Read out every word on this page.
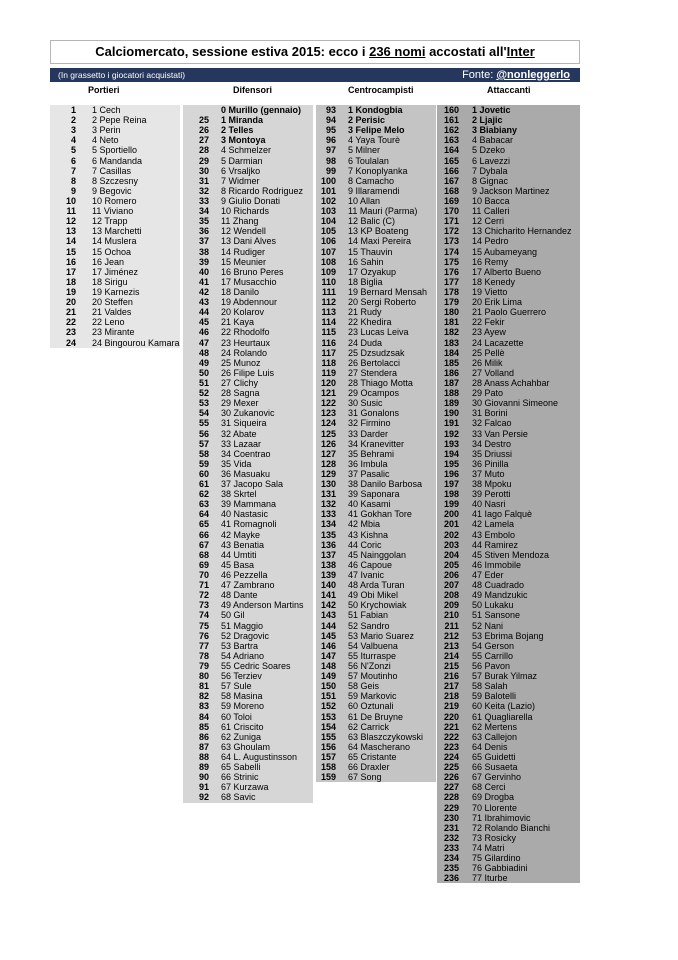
Calciomercato, sessione estiva 2015: ecco i 236 nomi accostati all'Inter
(In grassetto i giocatori acquistati)	Fonte: @nonleggerlo
Portieri	Difensori	Centrocampisti	Attaccanti
1 1 Cech
2 2 Pepe Reina
3 3 Perin
4 4 Neto
5 5 Sportiello
6 6 Mandanda
7 7 Casillas
8 8 Szczesny
9 9 Begovic
10 10 Romero
11 11 Viviano
12 12 Trapp
13 13 Marchetti
14 14 Muslera
15 15 Ochoa
16 16 Jean
17 17 Jiménez
18 18 Sirigu
19 19 Karnezis
20 20 Steffen
21 21 Valdes
22 22 Leno
23 23 Mirante
24 24 Bingourou Kamara
0 Murillo (gennaio)
25 1 Miranda
26 2 Telles
27 3 Montoya
28 4 Schmelzer
29 5 Darmian
30 6 Vrsaljko
31 7 Widmer
32 8 Ricardo Rodriguez
33 9 Giulio Donati
34 10 Richards
35 11 Zhang
36 12 Wendell
37 13 Dani Alves
38 14 Rudiger
39 15 Meunier
40 16 Bruno Peres
41 17 Musacchio
42 18 Danilo
43 19 Abdennour
44 20 Kolarov
45 21 Kaya
46 22 Rhodolfo
47 23 Heurtaux
48 24 Rolando
49 25 Munoz
50 26 Filipe Luis
51 27 Clichy
52 28 Sagna
53 29 Mexer
54 30 Zukanovic
55 31 Siqueira
56 32 Abate
57 33 Lazaar
58 34 Coentrao
59 35 Vida
60 36 Masuaku
61 37 Jacopo Sala
62 38 Skrtel
63 39 Mammana
64 40 Nastasic
65 41 Romagnoli
66 42 Mayke
67 43 Benatia
68 44 Umtiti
69 45 Basa
70 46 Pezzella
71 47 Zambrano
72 48 Dante
73 49 Anderson Martins
74 50 Gil
75 51 Maggio
76 52 Dragovic
77 53 Bartra
78 54 Adriano
79 55 Cedric Soares
80 56 Terziev
81 57 Sule
82 58 Masina
83 59 Moreno
84 60 Toloi
85 61 Criscito
86 62 Zuniga
87 63 Ghoulam
88 64 L. Augustinsson
89 65 Sabelli
90 66 Strinic
91 67 Kurzawa
92 68 Savic
93 1 Kondogbia
94 2 Perisic
95 3 Felipe Melo
96 4 Yaya Tourè
97 5 Milner
98 6 Toulalan
99 7 Konoplyanka
100 8 Camacho
101 9 Illaramendi
102 10 Allan
103 11 Mauri (Parma)
104 12 Balic (C)
105 13 KP Boateng
106 14 Maxi Pereira
107 15 Thauvin
108 16 Sahin
109 17 Ozyakup
110 18 Biglia
111 19 Bernard Mensah
112 20 Sergi Roberto
113 21 Rudy
114 22 Khedira
115 23 Lucas Leiva
116 24 Duda
117 25 Dzsudzsak
118 26 Bertolacci
119 27 Stendera
120 28 Thiago Motta
121 29 Ocampos
122 30 Susic
123 31 Gonalons
124 32 Firmino
125 33 Darder
126 34 Kranevitter
127 35 Behrami
128 36 Imbula
129 37 Pasalic
130 38 Danilo Barbosa
131 39 Saponara
132 40 Kasami
133 41 Gokhan Tore
134 42 Mbia
135 43 Kishna
136 44 Coric
137 45 Nainggolan
138 46 Capoue
139 47 Ivanic
140 48 Arda Turan
141 49 Obi Mikel
142 50 Krychowiak
143 51 Fabian
144 52 Sandro
145 53 Mario Suarez
146 54 Valbuena
147 55 Iturraspe
148 56 N'Zonzi
149 57 Moutinho
150 58 Geis
151 59 Markovic
152 60 Oztunali
153 61 De Bruyne
154 62 Carrick
155 63 Blaszczykowski
156 64 Mascherano
157 65 Cristante
158 66 Draxler
159 67 Song
160 1 Jovetic
161 2 Ljajic
162 3 Biabiany
163 4 Babacar
164 5 Dzeko
165 6 Lavezzi
166 7 Dybala
167 8 Gignac
168 9 Jackson Martinez
169 10 Bacca
170 11 Calleri
171 12 Cerri
172 13 Chicharito Hernandez
173 14 Pedro
174 15 Aubameyang
175 16 Remy
176 17 Alberto Bueno
177 18 Kenedy
178 19 Vietto
179 20 Erik Lima
180 21 Paolo Guerrero
181 22 Fekir
182 23 Ayew
183 24 Lacazette
184 25 Pellè
185 26 Milik
186 27 Volland
187 28 Anass Achahbar
188 29 Pato
189 30 Giovanni Simeone
190 31 Borini
191 32 Falcao
192 33 Van Persie
193 34 Destro
194 35 Driussi
195 36 Pinilla
196 37 Muto
197 38 Mpoku
198 39 Perotti
199 40 Nasri
200 41 Iago Falquè
201 42 Lamela
202 43 Embolo
203 44 Ramirez
204 45 Stiven Mendoza
205 46 Immobile
206 47 Eder
207 48 Cuadrado
208 49 Mandzukic
209 50 Lukaku
210 51 Sansone
211 52 Nani
212 53 Ebrima Bojang
213 54 Gerson
214 55 Carrillo
215 56 Pavon
216 57 Burak Yilmaz
217 58 Salah
218 59 Balotelli
219 60 Keita (Lazio)
220 61 Quagliarella
221 62 Mertens
222 63 Callejon
223 64 Denis
224 65 Guidetti
225 66 Susaeta
226 67 Gervinho
227 68 Cerci
228 69 Drogba
229 70 Llorente
230 71 Ibrahimovic
231 72 Rolando Bianchi
232 73 Rosicky
233 74 Matri
234 75 Gilardino
235 76 Gabbiadini
236 77 Iturbe
